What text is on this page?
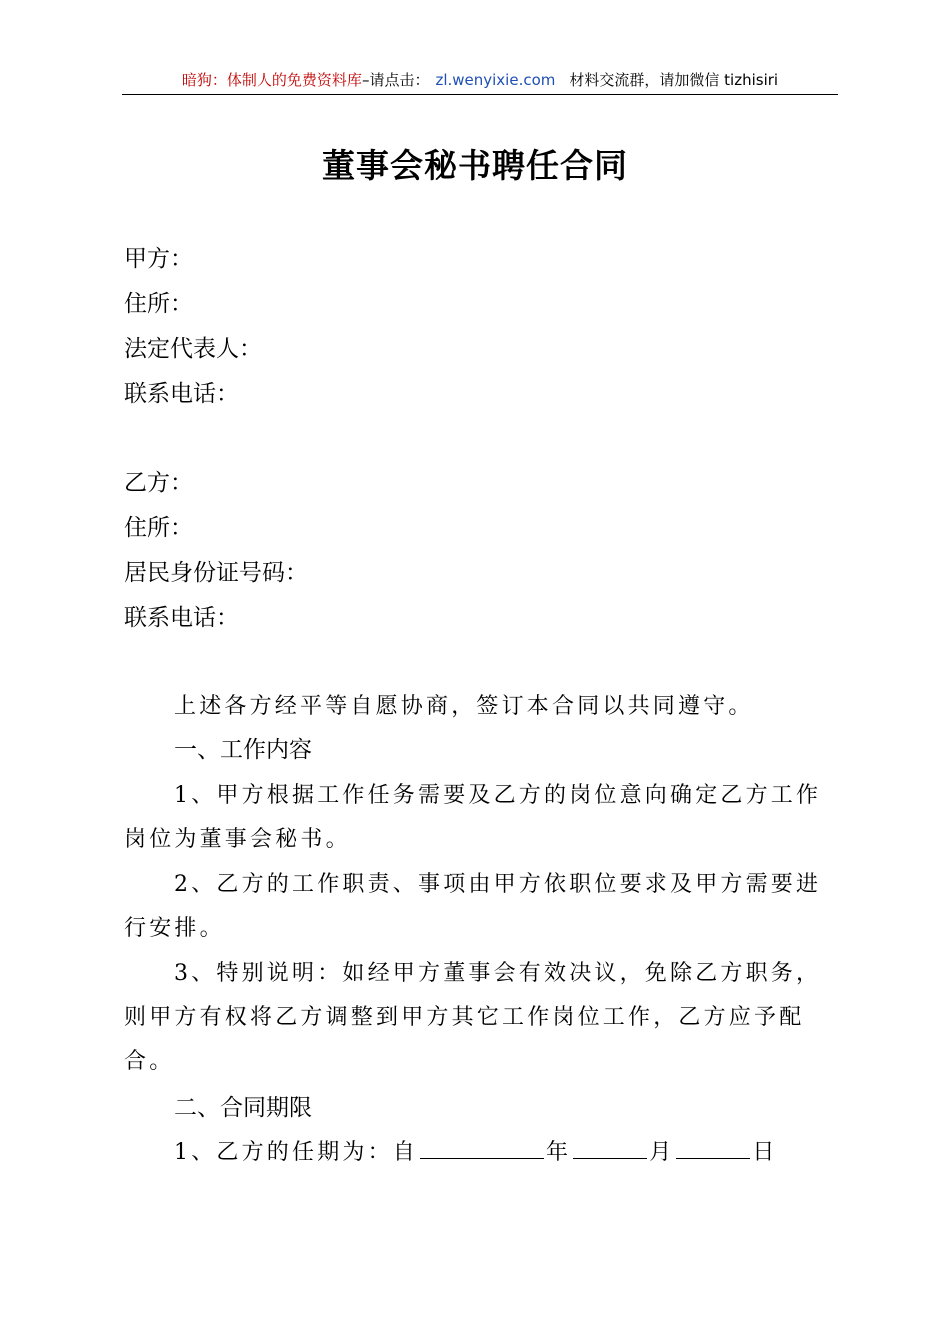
暗狗：体制人的免费资料库–请点击： zl.wenyixie.com 材料交流群，请加微信 tizhisiri
董事会秘书聘任合同
甲方：
住所：
法定代表人：
联系电话：
乙方：
住所：
居民身份证号码：
联系电话：

上述各方经平等自愿协商，签订本合同以共同遵守。

一、工作内容

1、甲方根据工作任务需要及乙方的岗位意向确定乙方工作岗位为董事会秘书。

2、乙方的工作职责、事项由甲方依职位要求及甲方需要进行安排。

3、特别说明：如经甲方董事会有效决议，免除乙方职务，则甲方有权将乙方调整到甲方其它工作岗位工作，乙方应予配合。

二、合同期限

1、乙方的任期为：自	年	月	日
